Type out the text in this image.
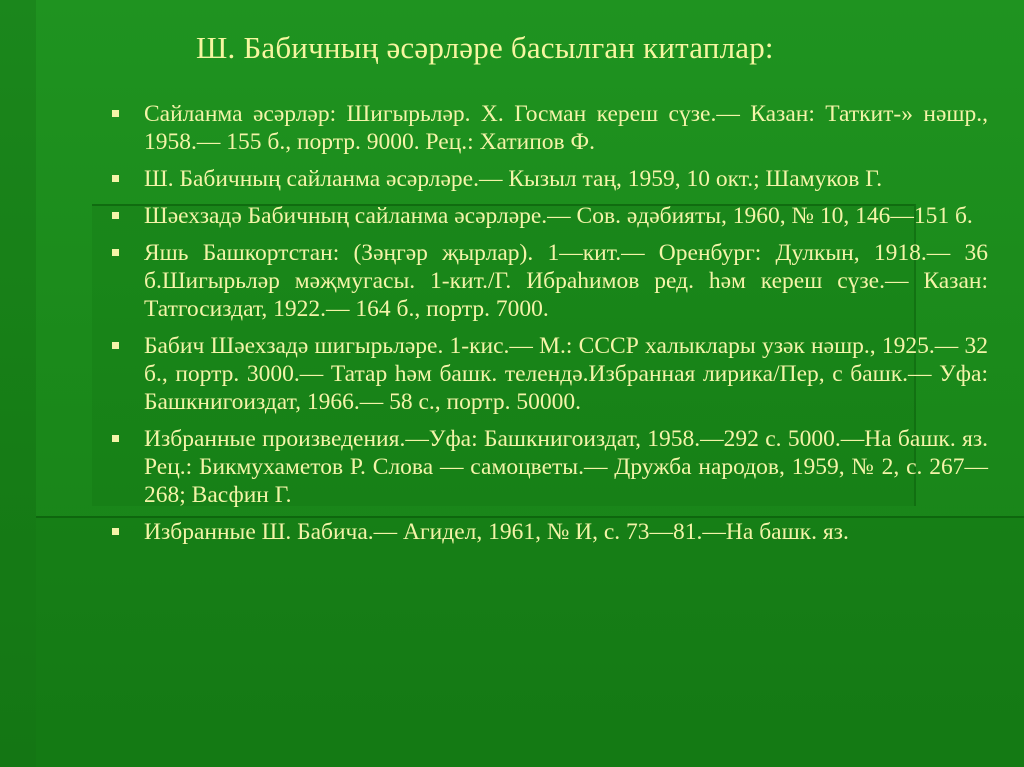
Ш. Бабичның әсәрләре басылган китаплар:
Сайланма әсәрләр: Шигырьләр. Х. Госман кереш сүзе.— Казан: Таткит-» нәшр., 1958.— 155 б., портр. 9000. Рец.: Хатипов Ф.
Ш. Бабичның сайланма әсәрләре.— Кызыл таң, 1959, 10 окт.; Шамуков Г.
Шәехзадә Бабичның сайланма әсәрләре.— Сов. әдәбияты, 1960, № 10, 146—151 б.
Яшь Башкортстан: (Зәңгәр җырлар). 1—кит.— Оренбург: Дулкын, 1918.— 36 б.Шигырьләр мәҗмугасы. 1-кит./Г. Ибраһимов ред. һәм кереш сүзе.— Казан: Татгосиздат, 1922.— 164 б., портр. 7000.
Бабич Шәехзадә шигырьләре. 1-кис.— М.: СССР халыклары узәк нәшр., 1925.— 32 б., портр. 3000.— Татар һәм башк. телендә.Избранная лирика/Пер, с башк.— Уфа: Башкнигоиздат, 1966.— 58 с., портр. 50000.
Избранные произведения.—Уфа: Башкнигоиздат, 1958.—292 с. 5000.—На башк. яз. Рец.: Бикмухаметов Р. Слова — самоцветы.— Дружба народов, 1959, № 2, с. 267—268; Васфин Г.
Избранные Ш. Бабича.— Агидел, 1961, № И, с. 73—81.—На башк. яз.
